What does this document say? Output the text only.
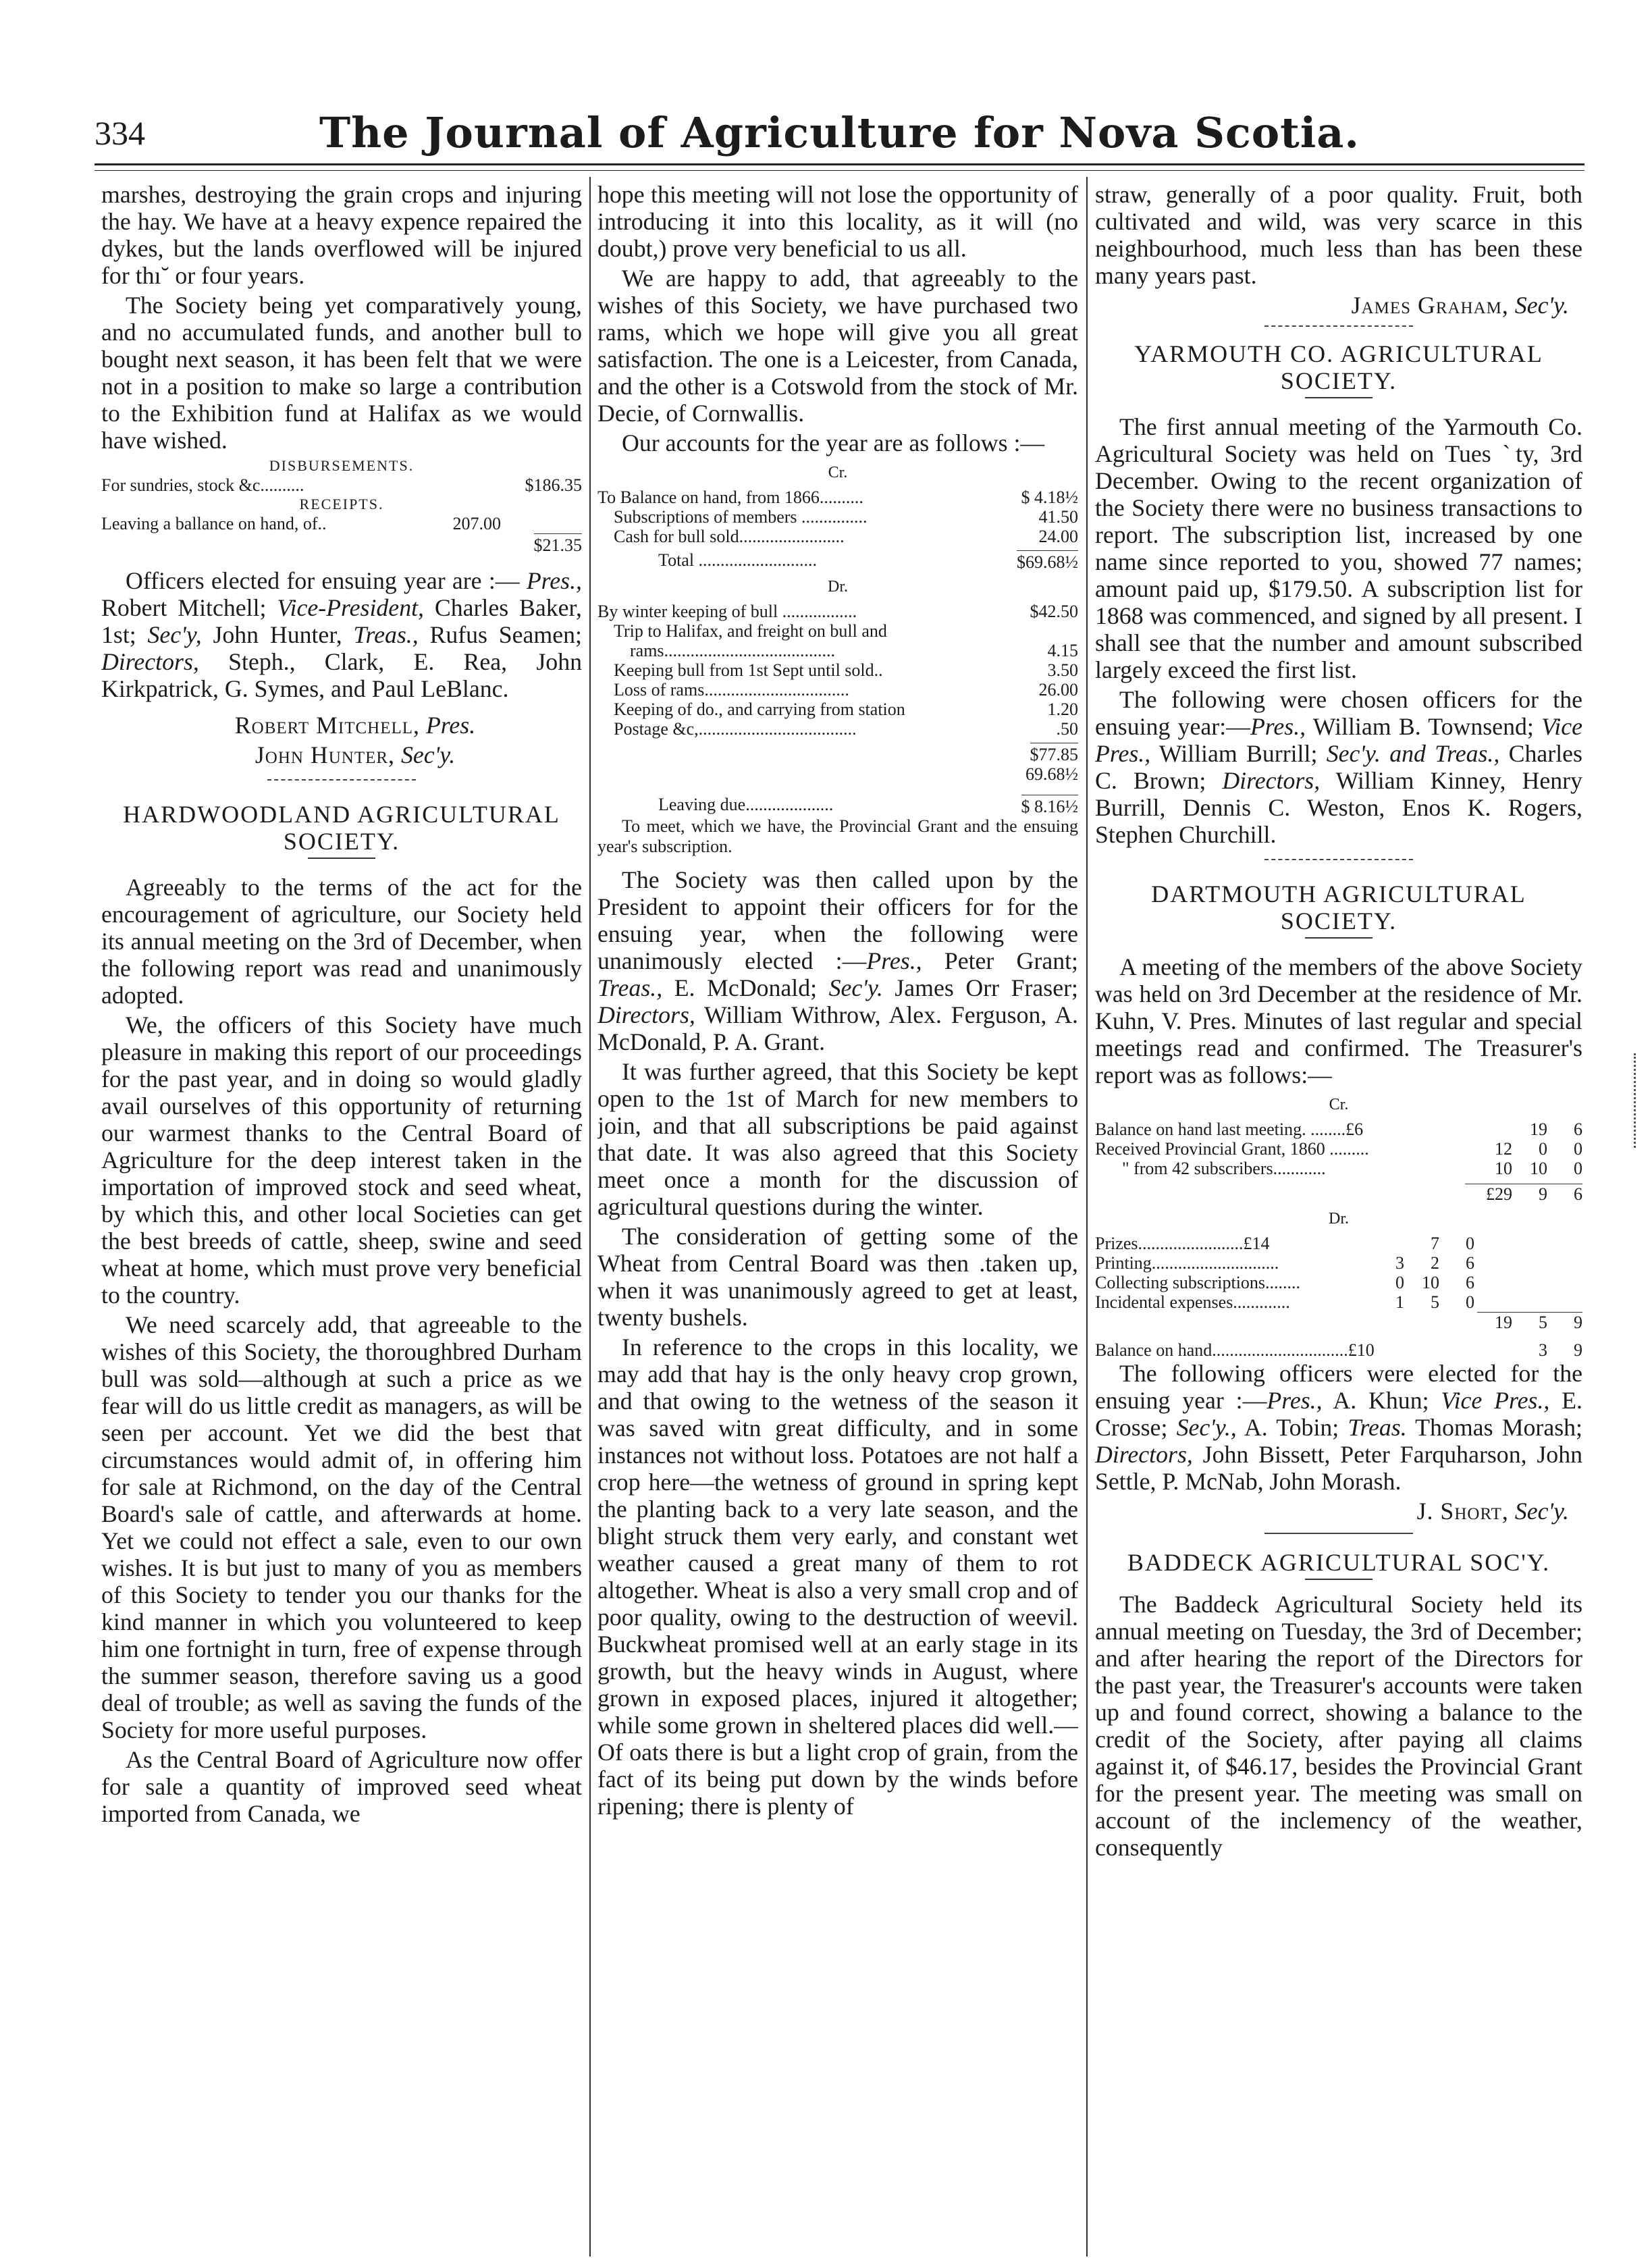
334	The Journal of Agriculture for Nova Scotia.

marshes, destroying the grain crops and injuring the hay. We have at a heavy expence repaired the dykes, but the lands overflowed will be injured for thı˘ or four years.

The Society being yet comparatively young, and no accumulated funds, and another bull to bought next season, it has been felt that we were not in a position to make so large a contribution to the Exhibition fund at Halifax as we would have wished.

DISBURSEMENTS.

For sundries, stock &c..........	$186.35

RECEIPTS.

Leaving a ballance on hand, of..	207.00
$21.35

Officers elected for ensuing year are :— Pres., Robert Mitchell; Vice-President, Charles Baker, 1st; Sec'y, John Hunter, Treas., Rufus Seamen; Directors, Steph., Clark, E. Rea, John Kirkpatrick, G. Symes, and Paul LeBlanc.

Robert Mitchell, Pres.

John Hunter, Sec'y.

HARDWOODLAND AGRICULTURAL SOCIETY.

Agreeably to the terms of the act for the encouragement of agriculture, our Society held its annual meeting on the 3rd of December, when the following report was read and unanimously adopted.

We, the officers of this Society have much pleasure in making this report of our proceedings for the past year, and in doing so would gladly avail ourselves of this opportunity of returning our warmest thanks to the Central Board of Agriculture for the deep interest taken in the importation of improved stock and seed wheat, by which this, and other local Societies can get the best breeds of cattle, sheep, swine and seed wheat at home, which must prove very beneficial to the country.

We need scarcely add, that agreeable to the wishes of this Society, the thoroughbred Durham bull was sold—although at such a price as we fear will do us little credit as managers, as will be seen per account. Yet we did the best that circumstances would admit of, in offering him for sale at Richmond, on the day of the Central Board's sale of cattle, and afterwards at home. Yet we could not effect a sale, even to our own wishes. It is but just to many of you as members of this Society to tender you our thanks for the kind manner in which you volunteered to keep him one fortnight in turn, free of expense through the summer season, therefore saving us a good deal of trouble; as well as saving the funds of the Society for more useful purposes.

As the Central Board of Agriculture now offer for sale a quantity of improved seed wheat imported from Canada, we

hope this meeting will not lose the opportunity of introducing it into this locality, as it will (no doubt,) prove very beneficial to us all.

We are happy to add, that agreeably to the wishes of this Society, we have purchased two rams, which we hope will give you all great satisfaction. The one is a Leicester, from Canada, and the other is a Cotswold from the stock of Mr. Decie, of Cornwallis.

Our accounts for the year are as follows :—

Cr.
To Balance on hand, from 1866..........	$ 4.18½
Subscriptions of members ...............	41.50
Cash for bull sold........................	24.00
Total ...........................	$69.68½
Dr.
By winter keeping of bull .................	$42.50
Trip to Halifax, and freight on bull and
rams.......................................	4.15
Keeping bull from 1st Sept until sold..	3.50
Loss of rams.................................	26.00
Keeping of do., and carrying from station	1.20
Postage &c,....................................	.50
$77.85
69.68½
Leaving due....................	$ 8.16½

To meet, which we have, the Provincial Grant and the ensuing year's subscription.

The Society was then called upon by the President to appoint their officers for for the ensuing year, when the following were unanimously elected :—Pres., Peter Grant; Treas., E. McDonald; Sec'y. James Orr Fraser; Directors, William Withrow, Alex. Ferguson, A. McDonald, P. A. Grant.

It was further agreed, that this Society be kept open to the 1st of March for new members to join, and that all subscriptions be paid against that date. It was also agreed that this Society meet once a month for the discussion of agricultural questions during the winter.

The consideration of getting some of the Wheat from Central Board was then .taken up, when it was unanimously agreed to get at least, twenty bushels.

In reference to the crops in this locality, we may add that hay is the only heavy crop grown, and that owing to the wetness of the season it was saved witn great difficulty, and in some instances not without loss. Potatoes are not half a crop here—the wetness of ground in spring kept the planting back to a very late season, and the blight struck them very early, and constant wet weather caused a great many of them to rot altogether. Wheat is also a very small crop and of poor quality, owing to the destruction of weevil. Buckwheat promised well at an early stage in its growth, but the heavy winds in August, where grown in exposed places, injured it altogether; while some grown in sheltered places did well.— Of oats there is but a light crop of grain, from the fact of its being put down by the winds before ripening; there is plenty of

straw, generally of a poor quality. Fruit, both cultivated and wild, was very scarce in this neighbourhood, much less than has been these many years past.

James Graham, Sec'y.

YARMOUTH CO. AGRICULTURAL SOCIETY.

The first annual meeting of the Yarmouth Co. Agricultural Society was held on Tues ˋty, 3rd December. Owing to the recent organization of the Society there were no business transactions to report. The subscription list, increased by one name since reported to you, showed 77 names; amount paid up, $179.50. A subscription list for 1868 was commenced, and signed by all present. I shall see that the number and amount subscribed largely exceed the first list.

The following were chosen officers for the ensuing year:—Pres., William B. Townsend; Vice Pres., William Burrill; Sec'y. and Treas., Charles C. Brown; Directors, William Kinney, Henry Burrill, Dennis C. Weston, Enos K. Rogers, Stephen Churchill.

DARTMOUTH AGRICULTURAL SOCIETY.

A meeting of the members of the above Society was held on 3rd December at the residence of Mr. Kuhn, V. Pres. Minutes of last regular and special meetings read and confirmed. The Treasurer's report was as follows:—

Cr.
Balance on hand last meeting. ........£6	19	6
Received Provincial Grant, 1860 .........	12	0	0
" from 42 subscribers............	10	10	0
£29	9	6
Dr.
Prizes........................£14	7	0
Printing.............................	3	2	6
Collecting subscriptions........	0	10	6
Incidental expenses.............	1	5	0
19	5	9
Balance on hand...............................£10	3	9

The following officers were elected for the ensuing year :—Pres., A. Khun; Vice Pres., E. Crosse; Sec'y., A. Tobin; Treas. Thomas Morash; Directors, John Bissett, Peter Farquharson, John Settle, P. McNab, John Morash.

J. Short, Sec'y.

BADDECK AGRICULTURAL SOC'Y.

The Baddeck Agricultural Society held its annual meeting on Tuesday, the 3rd of December; and after hearing the report of the Directors for the past year, the Treasurer's accounts were taken up and found correct, showing a balance to the credit of the Society, after paying all claims against it, of $46.17, besides the Provincial Grant for the present year. The meeting was small on account of the inclemency of the weather, consequently
